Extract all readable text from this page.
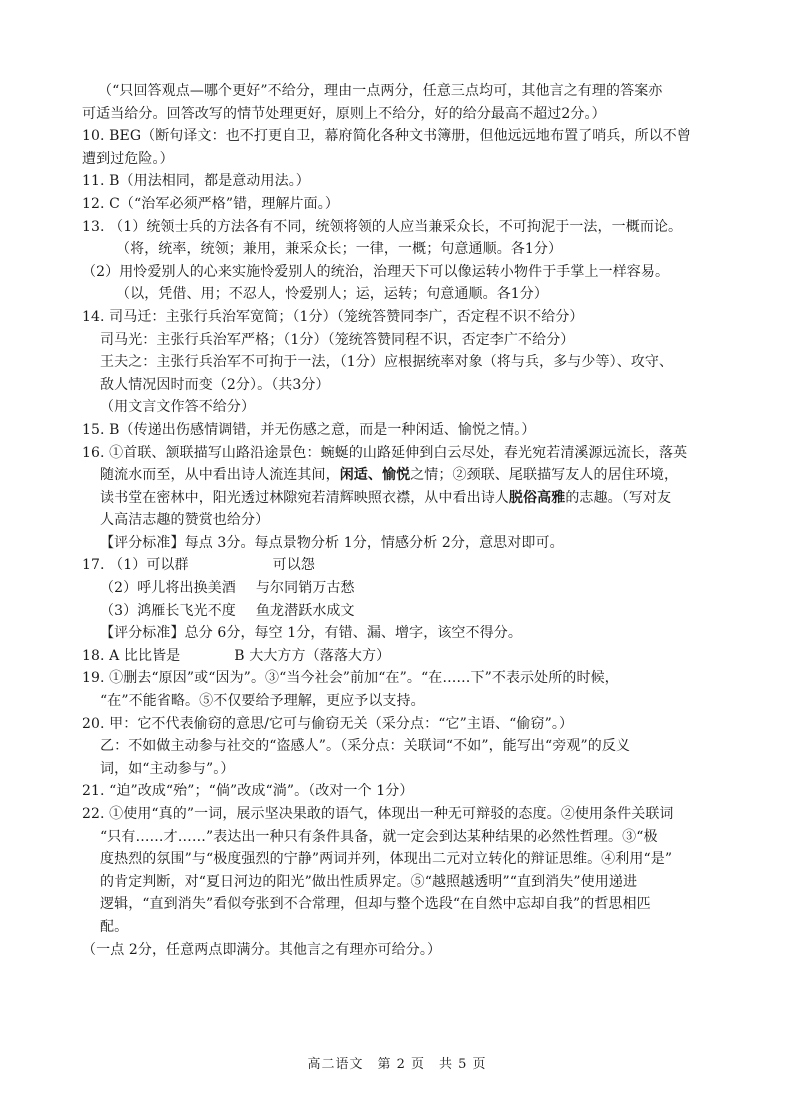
（“只回答观点—哪个更好”不给分，理由一点两分，任意三点均可，其他言之有理的答案亦
可适当给分。回答改写的情节处理更好，原则上不给分，好的给分最高不超过2分。）
10. BEG（断句译文：也不打更自卫，幕府简化各种文书簿册，但他远远地布置了哨兵，所以不曾
遭到过危险。）
11. B（用法相同，都是意动用法。）
12. C（“治军必须严格”错，理解片面。）
13. （1）统领士兵的方法各有不同，统领将领的人应当兼采众长，不可拘泥于一法，一概而论。
（将，统率，统领；兼用，兼采众长；一律，一概；句意通顺。各1分）
（2）用怜爱别人的心来实施怜爱别人的统治，治理天下可以像运转小物件于手掌上一样容易。
（以，凭借、用；不忍人，怜爱别人；运，运转；句意通顺。各1分）
14. 司马迁：主张行兵治军宽简；（1分）（笼统答赞同李广，否定程不识不给分）
司马光：主张行兵治军严格；（1分）（笼统答赞同程不识，否定李广不给分）
王夫之：主张行兵治军不可拘于一法，（1分）应根据统率对象（将与兵，多与少等）、攻守、
敌人情况因时而变（2分）。（共3分）
（用文言文作答不给分）
15. B（传递出伤感情调错，并无伤感之意，而是一种闲适、愉悦之情。）
16. ①首联、颔联描写山路沿途景色：蜿蜒的山路延伸到白云尽处，春光宛若清溪源远流长，落英
随流水而至，从中看出诗人流连其间，闲适、愉悦之情；②颈联、尾联描写友人的居住环境，
读书堂在密林中，阳光透过林隙宛若清辉映照衣襟，从中看出诗人脱俗高雅的志趣。（写对友
人高洁志趣的赞赏也给分）
【评分标准】每点 3分。每点景物分析 1分，情感分析 2分，意思对即可。
17. （1）可以群	可以怨
（2）呼儿将出换美酒 与尔同销万古愁
（3）鸿雁长飞光不度 鱼龙潜跃水成文
【评分标准】总分 6分，每空 1分，有错、漏、增字，该空不得分。
18. A 比比皆是	B 大大方方（落落大方）
19. ①删去“原因”或“因为”。③“当今社会”前加“在”。“在……下”不表示处所的时候，
“在”不能省略。⑤不仅要给予理解，更应予以支持。
20. 甲：它不代表偷窃的意思/它可与偷窃无关（采分点：“它”主语、“偷窃”。）
乙：不如做主动参与社交的“盗感人”。（采分点：关联词“不如”，能写出“旁观”的反义
词，如“主动参与”。）
21. “迫”改成“殆”；“倘”改成“淌”。（改对一个 1分）
22. ①使用“真的”一词，展示坚决果敢的语气，体现出一种无可辩驳的态度。②使用条件关联词
“只有……才……”表达出一种只有条件具备，就一定会到达某种结果的必然性哲理。③“极
度热烈的氛围”与“极度强烈的宁静”两词并列，体现出二元对立转化的辩证思维。④利用“是”
的肯定判断，对“夏日河边的阳光”做出性质界定。⑤“越照越透明”“直到消失”使用递进
逻辑，“直到消失”看似夸张到不合常理，但却与整个选段“在自然中忘却自我”的哲思相匹
配。
（一点 2分，任意两点即满分。其他言之有理亦可给分。）
高二语文　第 2 页　共 5 页
